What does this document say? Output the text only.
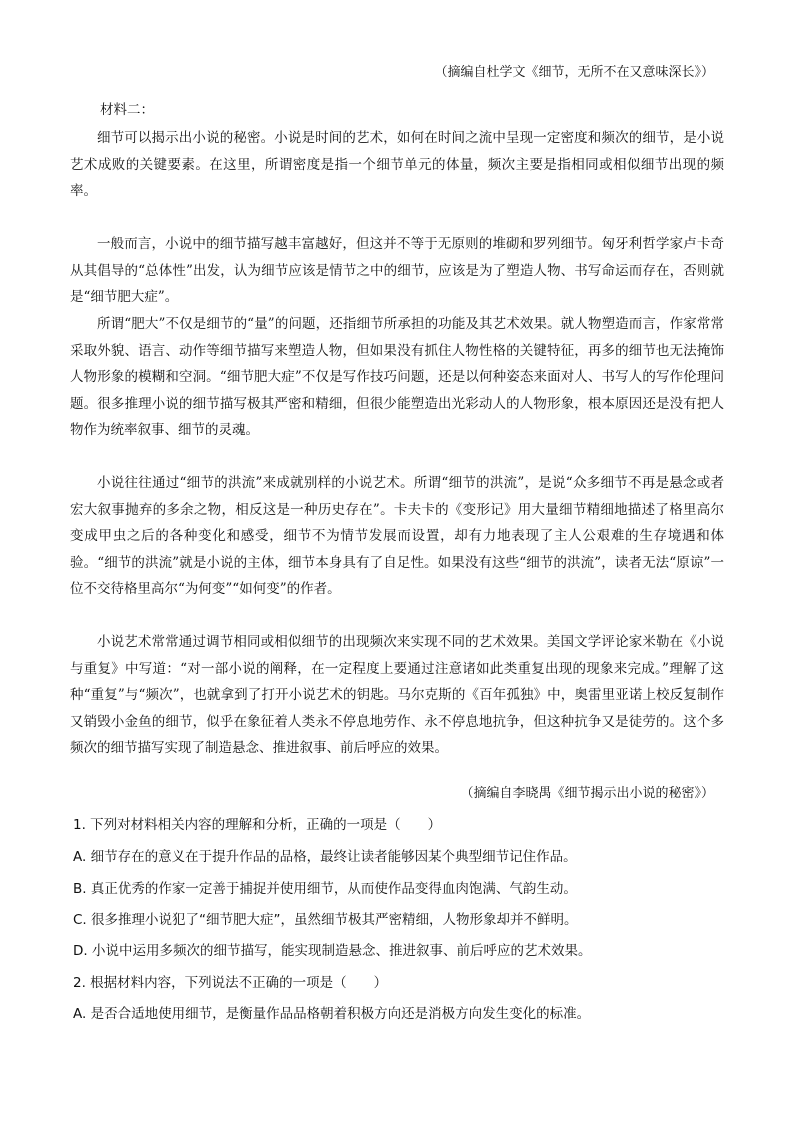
（摘编自杜学文《细节，无所不在又意味深长》）
材料二：

细节可以揭示出小说的秘密。小说是时间的艺术，如何在时间之流中呈现一定密度和频次的细节，是小说艺术成败的关键要素。在这里，所谓密度是指一个细节单元的体量，频次主要是指相同或相似细节出现的频率。

一般而言，小说中的细节描写越丰富越好，但这并不等于无原则的堆砌和罗列细节。匈牙利哲学家卢卡奇从其倡导的“总体性”出发，认为细节应该是情节之中的细节，应该是为了塑造人物、书写命运而存在，否则就是“细节肥大症”。

所谓“肥大”不仅是细节的“量”的问题，还指细节所承担的功能及其艺术效果。就人物塑造而言，作家常常采取外貌、语言、动作等细节描写来塑造人物，但如果没有抓住人物性格的关键特征，再多的细节也无法掩饰人物形象的模糊和空洞。“细节肥大症”不仅是写作技巧问题，还是以何种姿态来面对人、书写人的写作伦理问题。很多推理小说的细节描写极其严密和精细，但很少能塑造出光彩动人的人物形象，根本原因还是没有把人物作为统率叙事、细节的灵魂。

小说往往通过“细节的洪流”来成就别样的小说艺术。所谓“细节的洪流”，是说“众多细节不再是悬念或者宏大叙事抛弃的多余之物，相反这是一种历史存在”。卡夫卡的《变形记》用大量细节精细地描述了格里高尔变成甲虫之后的各种变化和感受，细节不为情节发展而设置，却有力地表现了主人公艰难的生存境遇和体验。“细节的洪流”就是小说的主体，细节本身具有了自足性。如果没有这些“细节的洪流”，读者无法“原谅”一位不交待格里高尔“为何变”“如何变”的作者。

小说艺术常常通过调节相同或相似细节的出现频次来实现不同的艺术效果。美国文学评论家米勒在《小说与重复》中写道：“对一部小说的阐释，在一定程度上要通过注意诸如此类重复出现的现象来完成。”理解了这种“重复”与“频次”，也就拿到了打开小说艺术的钥匙。马尔克斯的《百年孤独》中，奥雷里亚诺上校反复制作又销毁小金鱼的细节，似乎在象征着人类永不停息地劳作、永不停息地抗争，但这种抗争又是徒劳的。这个多频次的细节描写实现了制造悬念、推进叙事、前后呼应的效果。

（摘编自李晓禺《细节揭示出小说的秘密》）
1. 下列对材料相关内容的理解和分析，正确的一项是（　　）
A. 细节存在的意义在于提升作品的品格，最终让读者能够因某个典型细节记住作品。
B. 真正优秀的作家一定善于捕捉并使用细节，从而使作品变得血肉饱满、气韵生动。
C. 很多推理小说犯了“细节肥大症”，虽然细节极其严密精细，人物形象却并不鲜明。
D. 小说中运用多频次的细节描写，能实现制造悬念、推进叙事、前后呼应的艺术效果。
2. 根据材料内容，下列说法不正确的一项是（　　）
A. 是否合适地使用细节，是衡量作品品格朝着积极方向还是消极方向发生变化的标准。
